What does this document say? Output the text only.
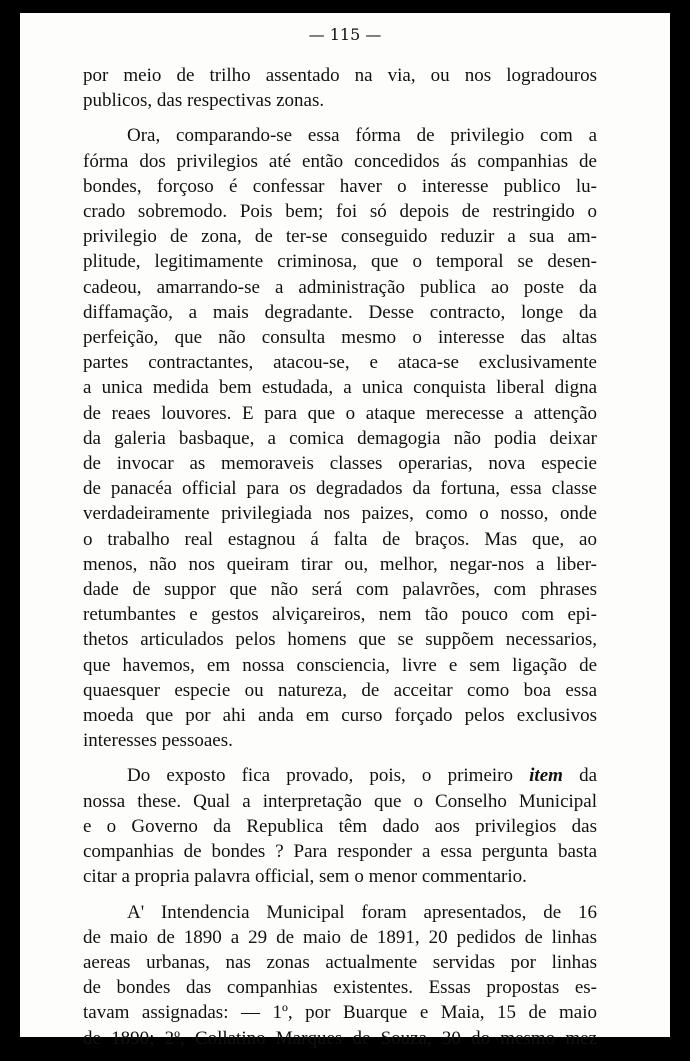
— 115 —
por meio de trilho assentado na via, ou nos logradouros
publicos, das respectivas zonas.
Ora, comparando-se essa fórma de privilegio com a
fórma dos privilegios até então concedidos ás companhias de
bondes, forçoso é confessar haver o interesse publico lu-
crado sobremodo. Pois bem; foi só depois de restringido o
privilegio de zona, de ter-se conseguido reduzir a sua am-
plitude, legitimamente criminosa, que o temporal se desen-
cadeou, amarrando-se a administração publica ao poste da
diffamação, a mais degradante. Desse contracto, longe da
perfeição, que não consulta mesmo o interesse das altas
partes contractantes, atacou-se, e ataca-se exclusivamente
a unica medida bem estudada, a unica conquista liberal digna
de reaes louvores. E para que o ataque merecesse a attenção
da galeria basbaque, a comica demagogia não podia deixar
de invocar as memoraveis classes operarias, nova especie
de panacéa official para os degradados da fortuna, essa classe
verdadeiramente privilegiada nos paizes, como o nosso, onde
o trabalho real estagnou á falta de braços. Mas que, ao
menos, não nos queiram tirar ou, melhor, negar-nos a liber-
dade de suppor que não será com palavrões, com phrases
retumbantes e gestos alviçareiros, nem tão pouco com epi-
thetos articulados pelos homens que se suppõem necessarios,
que havemos, em nossa consciencia, livre e sem ligação de
quaesquer especie ou natureza, de acceitar como boa essa
moeda que por ahi anda em curso forçado pelos exclusivos
interesses pessoaes.
Do exposto fica provado, pois, o primeiro item da
nossa these. Qual a interpretação que o Conselho Municipal
e o Governo da Republica têm dado aos privilegios das
companhias de bondes ? Para responder a essa pergunta basta
citar a propria palavra official, sem o menor commentario.
A' Intendencia Municipal foram apresentados, de 16
de maio de 1890 a 29 de maio de 1891, 20 pedidos de linhas
aereas urbanas, nas zonas actualmente servidas por linhas
de bondes das companhias existentes. Essas propostas es-
tavam assignadas: — 1º, por Buarque e Maia, 15 de maio
de 1890; 2º, Collatino Marques de Souza, 30 do mesmo mez
